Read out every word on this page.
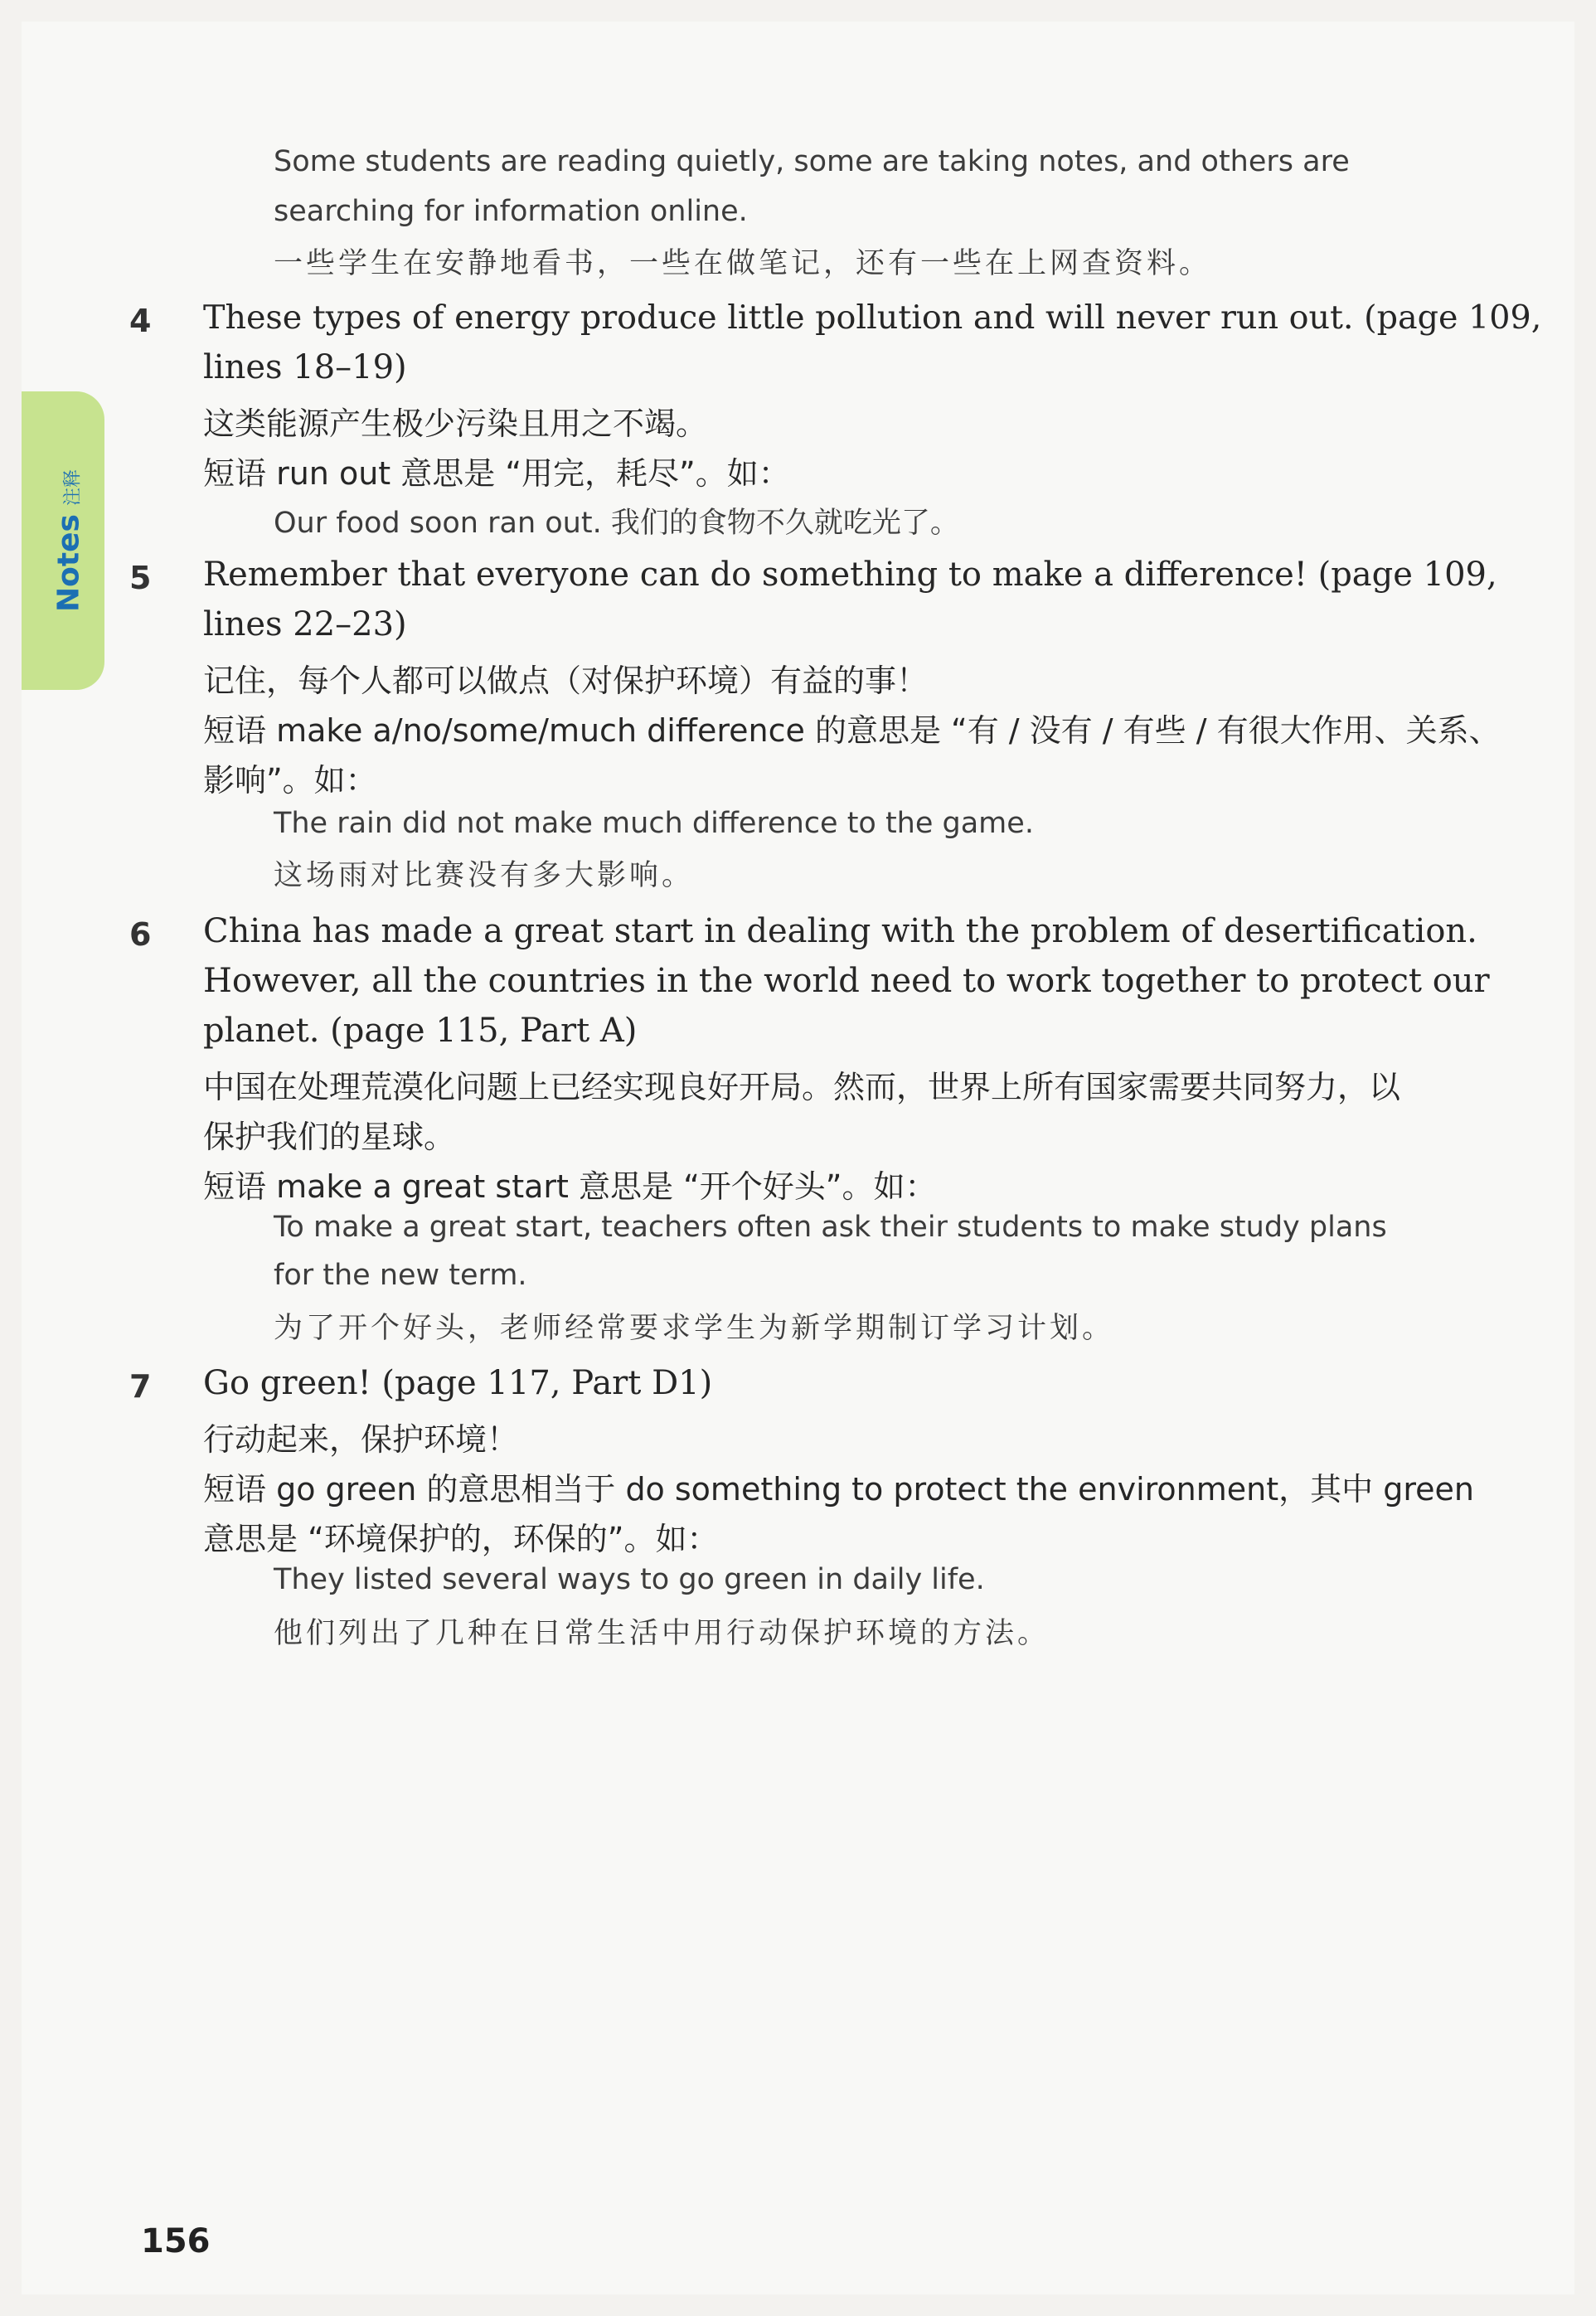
Notes注释
Some students are reading quietly, some are taking notes, and others are
searching for information online.
一些学生在安静地看书，一些在做笔记，还有一些在上网查资料。
4 These types of energy produce little pollution and will never run out. (page 109,
lines 18–19)
这类能源产生极少污染且用之不竭。
短语 run out 意思是 “用完，耗尽”。如：
Our food soon ran out. 我们的食物不久就吃光了。
5 Remember that everyone can do something to make a difference! (page 109,
lines 22–23)
记住，每个人都可以做点（对保护环境）有益的事！
短语 make a/no/some/much difference 的意思是 “有 / 没有 / 有些 / 有很大作用、关系、
影响”。如：
The rain did not make much difference to the game.
这场雨对比赛没有多大影响。
6 China has made a great start in dealing with the problem of desertification.
However, all the countries in the world need to work together to protect our
planet. (page 115, Part A)
中国在处理荒漠化问题上已经实现良好开局。然而，世界上所有国家需要共同努力，以
保护我们的星球。
短语 make a great start 意思是 “开个好头”。如：
To make a great start, teachers often ask their students to make study plans
for the new term.
为了开个好头，老师经常要求学生为新学期制订学习计划。
7 Go green! (page 117, Part D1)
行动起来，保护环境！
短语 go green 的意思相当于 do something to protect the environment，其中 green
意思是 “环境保护的，环保的”。如：
They listed several ways to go green in daily life.
他们列出了几种在日常生活中用行动保护环境的方法。
156
